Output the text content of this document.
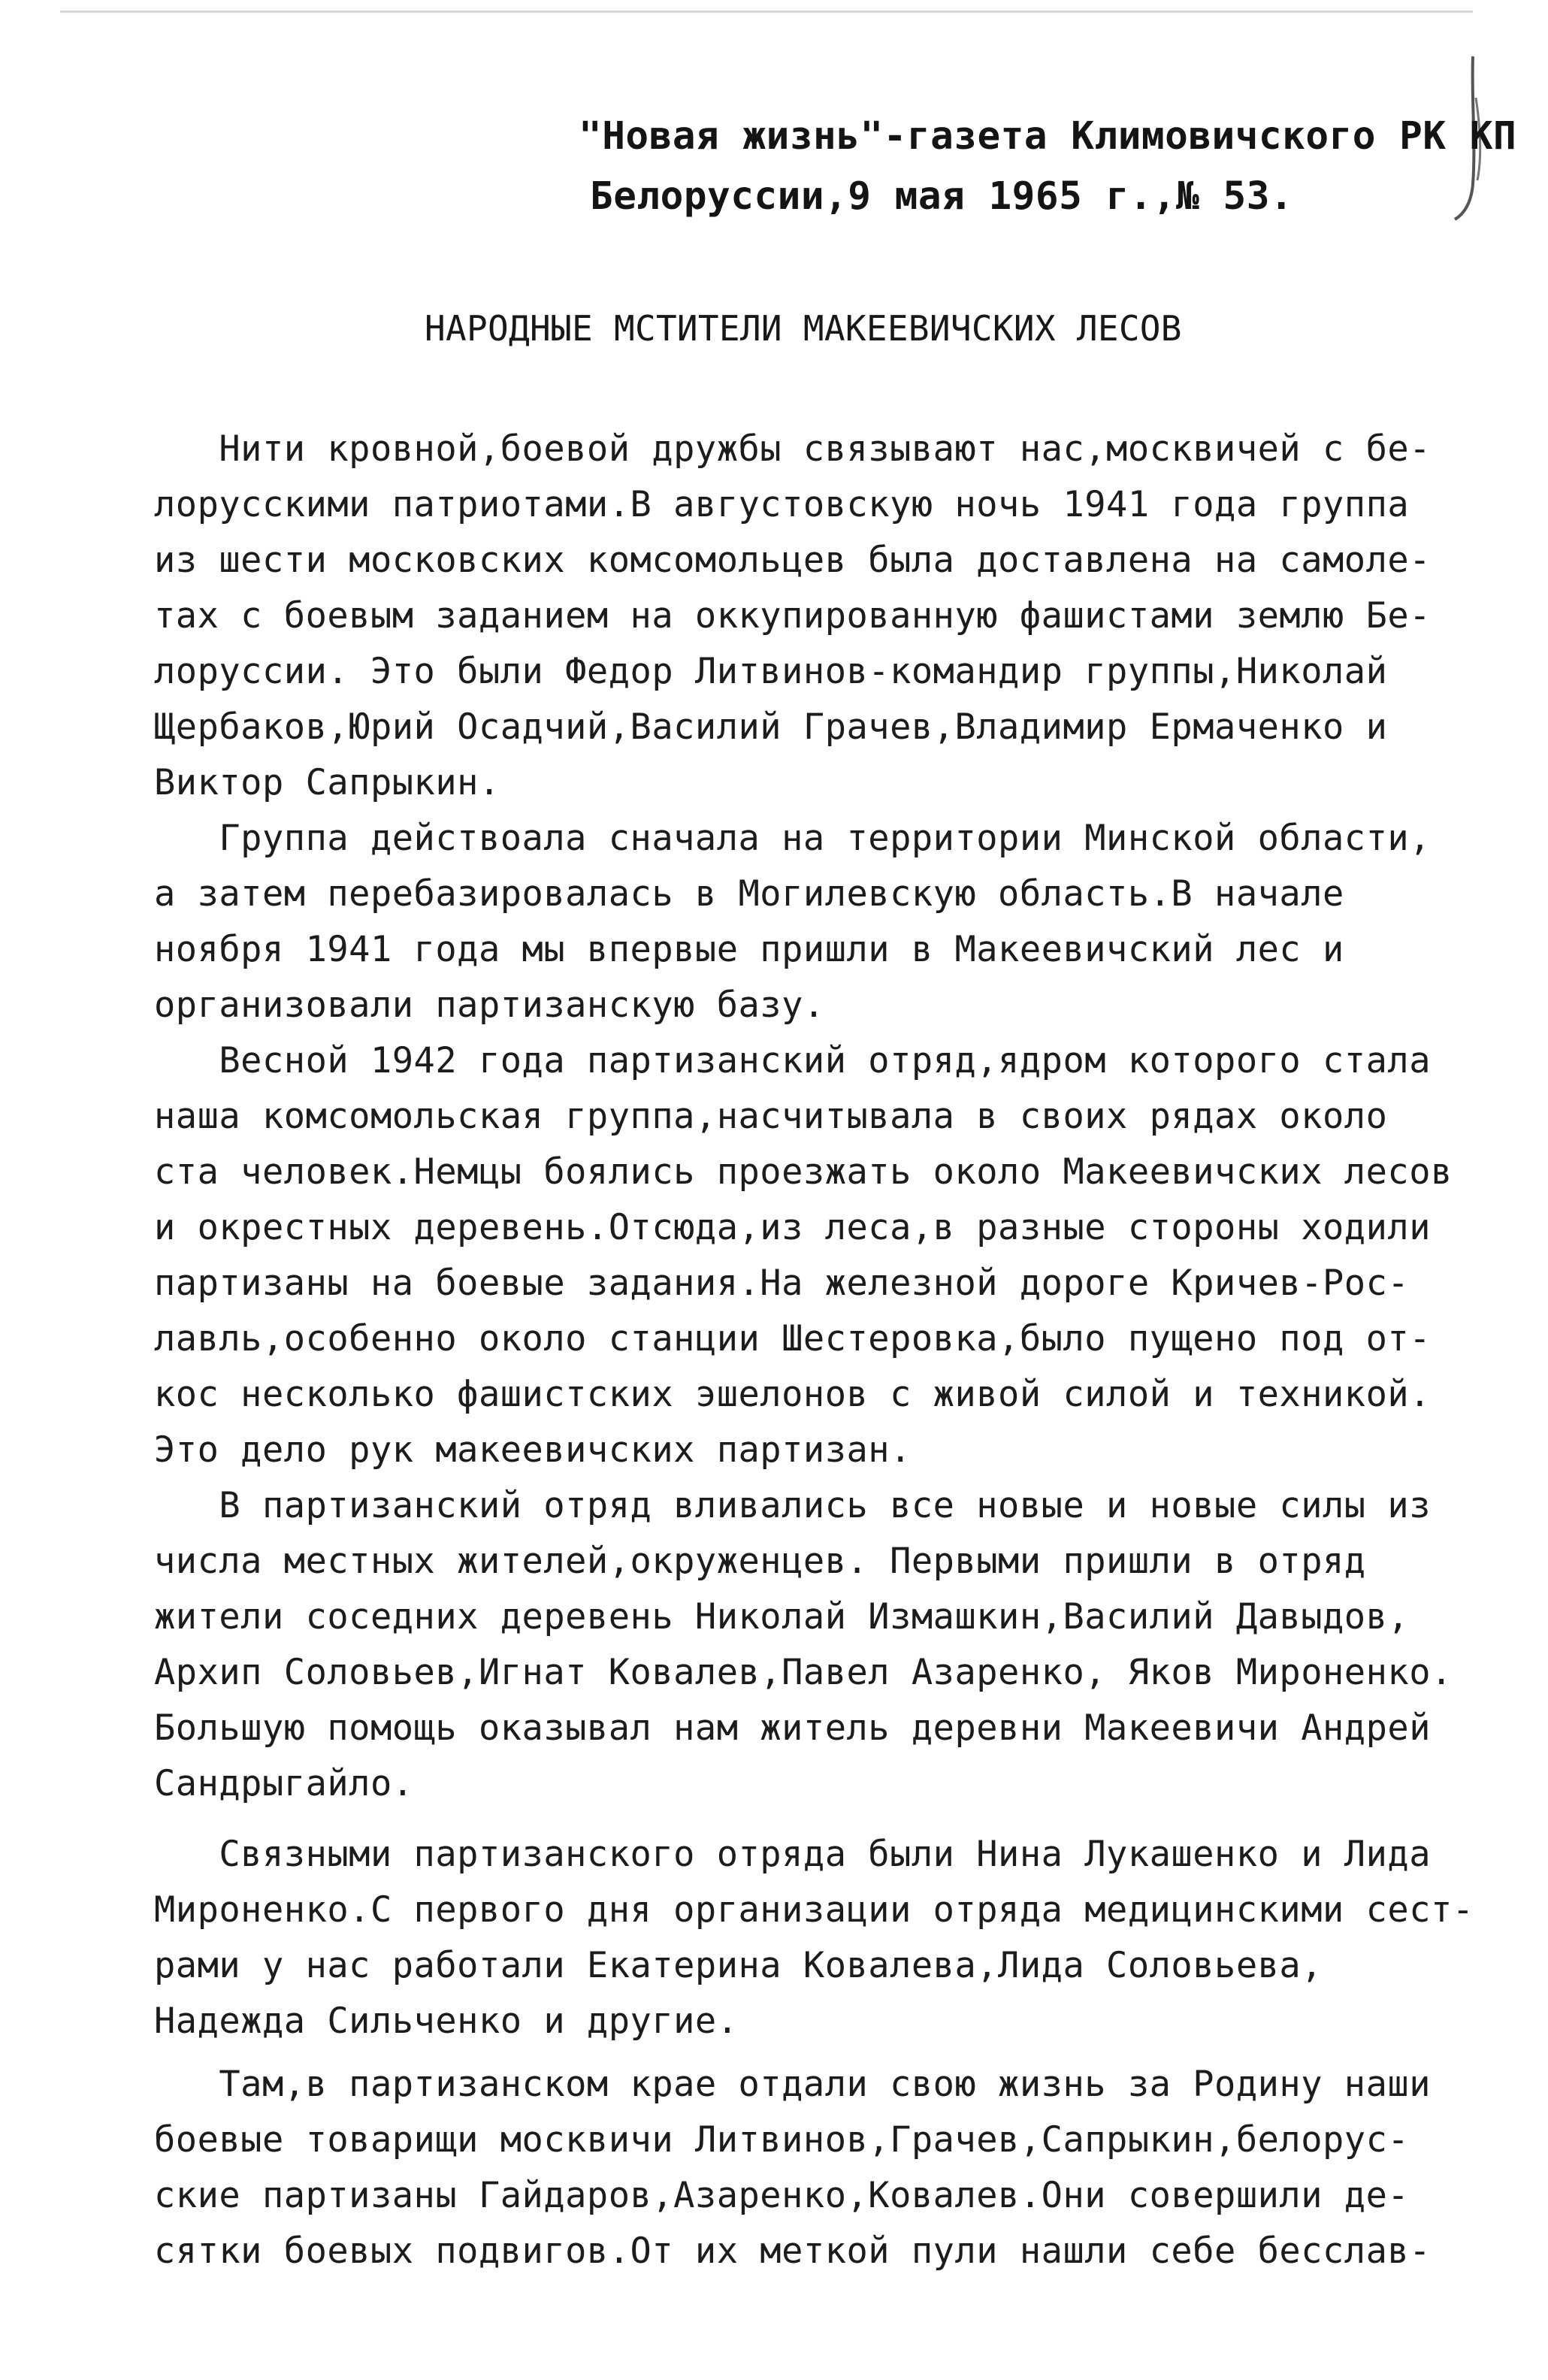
"Новая жизнь"-газета Климовичского РК КП
Белоруссии,9 мая 1965 г.,№ 53.
НАРОДНЫЕ МСТИТЕЛИ МАКЕЕВИЧСКИХ ЛЕСОВ
Нити кровной,боевой дружбы связывают нас,москвичей с бе-
лорусскими патриотами.В августовскую ночь 1941 года группа
из шести московских комсомольцев была доставлена на самоле-
тах с боевым заданием на оккупированную фашистами землю Бе-
лоруссии. Это были Федор Литвинов-командир группы,Николай
Щербаков,Юрий Осадчий,Василий Грачев,Владимир Ермаченко и
Виктор Сапрыкин.
Группа действоала сначала на территории Минской области,
а затем перебазировалась в Могилевскую область.В начале
ноября 1941 года мы впервые пришли в Макеевичский лес и
организовали партизанскую базу.
Весной 1942 года партизанский отряд,ядром которого стала
наша комсомольская группа,насчитывала в своих рядах около
ста человек.Немцы боялись проезжать около Макеевичских лесов
и окрестных деревень.Отсюда,из леса,в разные стороны ходили
партизаны на боевые задания.На железной дороге Кричев-Рос-
лавль,особенно около станции Шестеровка,было пущено под от-
кос несколько фашистских эшелонов с живой силой и техникой.
Это дело рук макеевичских партизан.
В партизанский отряд вливались все новые и новые силы из
числа местных жителей,окруженцев. Первыми пришли в отряд
жители соседних деревень Николай Измашкин,Василий Давыдов,
Архип Соловьев,Игнат Ковалев,Павел Азаренко, Яков Мироненко.
Большую помощь оказывал нам житель деревни Макеевичи Андрей
Сандрыгайло.
Связными партизанского отряда были Нина Лукашенко и Лида
Мироненко.С первого дня организации отряда медицинскими сест-
рами у нас работали Екатерина Ковалева,Лида Соловьева,
Надежда Сильченко и другие.
Там,в партизанском крае отдали свою жизнь за Родину наши
боевые товарищи москвичи Литвинов,Грачев,Сапрыкин,белорус-
ские партизаны Гайдаров,Азаренко,Ковалев.Они совершили де-
сятки боевых подвигов.От их меткой пули нашли себе бесслав-
